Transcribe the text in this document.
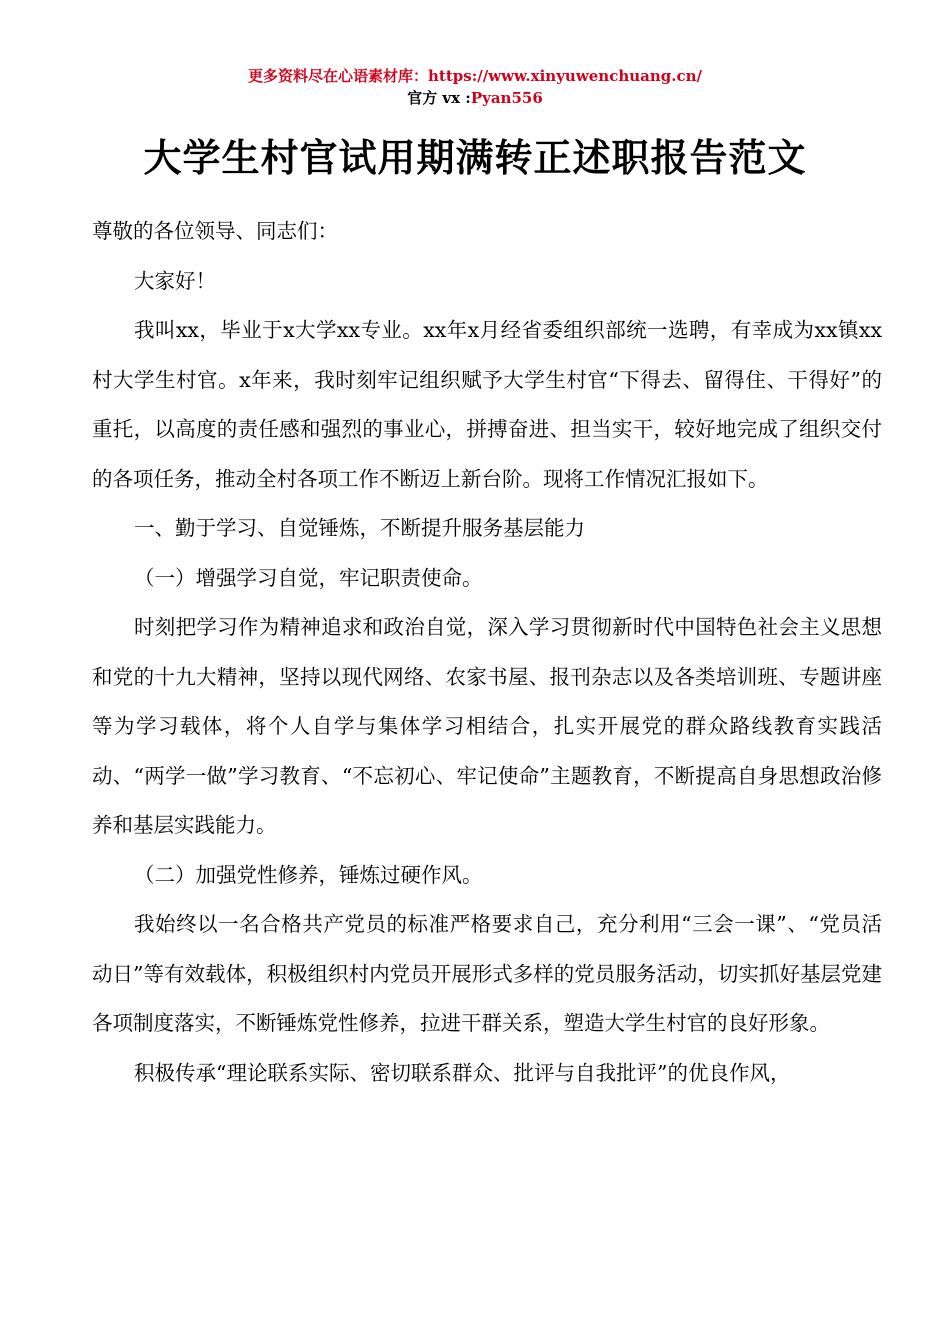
更多资料尽在心语素材库：https://www.xinyuwenchuang.cn/
官方 vx :Pyan556
大学生村官试用期满转正述职报告范文

尊敬的各位领导、同志们：

大家好！

我叫xx，毕业于x大学xx专业。xx年x月经省委组织部统一选聘，有幸成为xx镇xx村大学生村官。x年来，我时刻牢记组织赋予大学生村官“下得去、留得住、干得好”的重托，以高度的责任感和强烈的事业心，拼搏奋进、担当实干，较好地完成了组织交付的各项任务，推动全村各项工作不断迈上新台阶。现将工作情况汇报如下。

一、勤于学习、自觉锤炼，不断提升服务基层能力

（一）增强学习自觉，牢记职责使命。

时刻把学习作为精神追求和政治自觉，深入学习贯彻新时代中国特色社会主义思想和党的十九大精神，坚持以现代网络、农家书屋、报刊杂志以及各类培训班、专题讲座等为学习载体，将个人自学与集体学习相结合，扎实开展党的群众路线教育实践活动、“两学一做”学习教育、“不忘初心、牢记使命”主题教育，不断提高自身思想政治修养和基层实践能力。

（二）加强党性修养，锤炼过硬作风。

我始终以一名合格共产党员的标准严格要求自己，充分利用“三会一课”、“党员活动日”等有效载体，积极组织村内党员开展形式多样的党员服务活动，切实抓好基层党建各项制度落实，不断锤炼党性修养，拉进干群关系，塑造大学生村官的良好形象。

积极传承“理论联系实际、密切联系群众、批评与自我批评”的优良作风，
